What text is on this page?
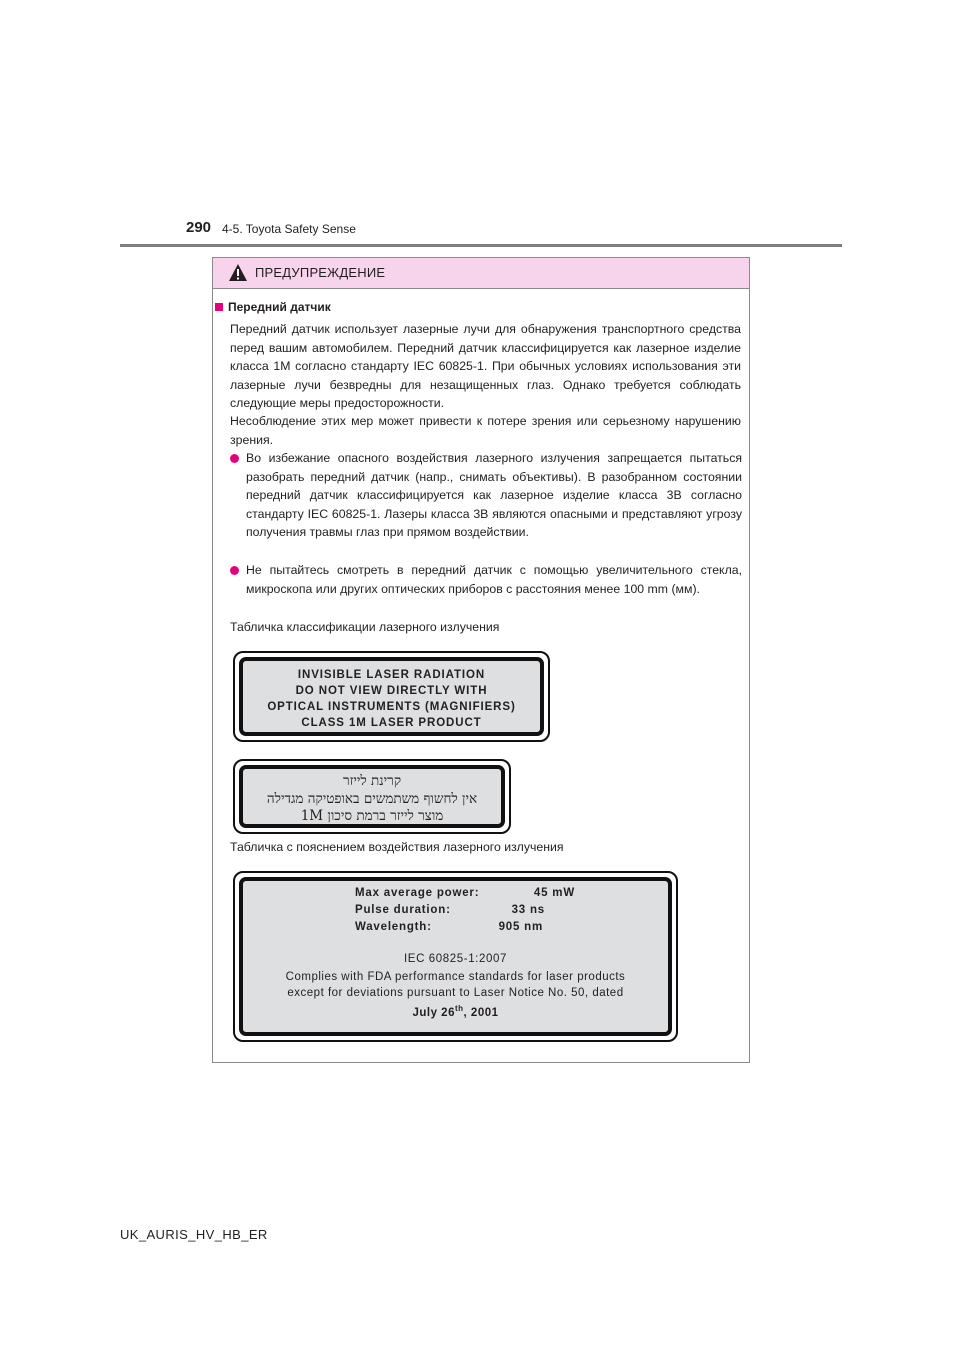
290 4-5. Toyota Safety Sense
ПРЕДУПРЕЖДЕНИЕ
Передний датчик

Передний датчик использует лазерные лучи для обнаружения транспортного средства перед вашим автомобилем. Передний датчик классифицируется как лазерное изделие класса 1M согласно стандарту IEC 60825-1. При обычных условиях использования эти лазерные лучи безвредны для незащищенных глаз. Однако требуется соблюдать следующие меры предосторожности.

Несоблюдение этих мер может привести к потере зрения или серьезному нарушению зрения.

Во избежание опасного воздействия лазерного излучения запрещается пытаться разобрать передний датчик (напр., снимать объективы). В разобранном состоянии передний датчик классифицируется как лазерное изделие класса 3B согласно стандарту IEC 60825-1. Лазеры класса 3B являются опасными и представляют угрозу получения травмы глаз при прямом воздействии.

Не пытайтесь смотреть в передний датчик с помощью увеличительного стекла, микроскопа или других оптических приборов с расстояния менее 100 mm (мм).

Табличка классификации лазерного излучения
INVISIBLE LASER RADIATION
DO NOT VIEW DIRECTLY WITH
OPTICAL INSTRUMENTS (MAGNIFIERS)
CLASS 1M LASER PRODUCT
קרינת לייזר
אין לחשוף משתמשים באופטיקה מגדילה
מוצר לייזר ברמת סיכון 1M
Табличка с пояснением воздействия лазерного излучения
Max average power:	45 mW
Pulse duration:	33 ns
Wavelength:	905 nm
IEC 60825-1:2007
Complies with FDA performance standards for laser products
except for deviations pursuant to Laser Notice No. 50, dated
July 26th, 2001
UK_AURIS_HV_HB_ER
